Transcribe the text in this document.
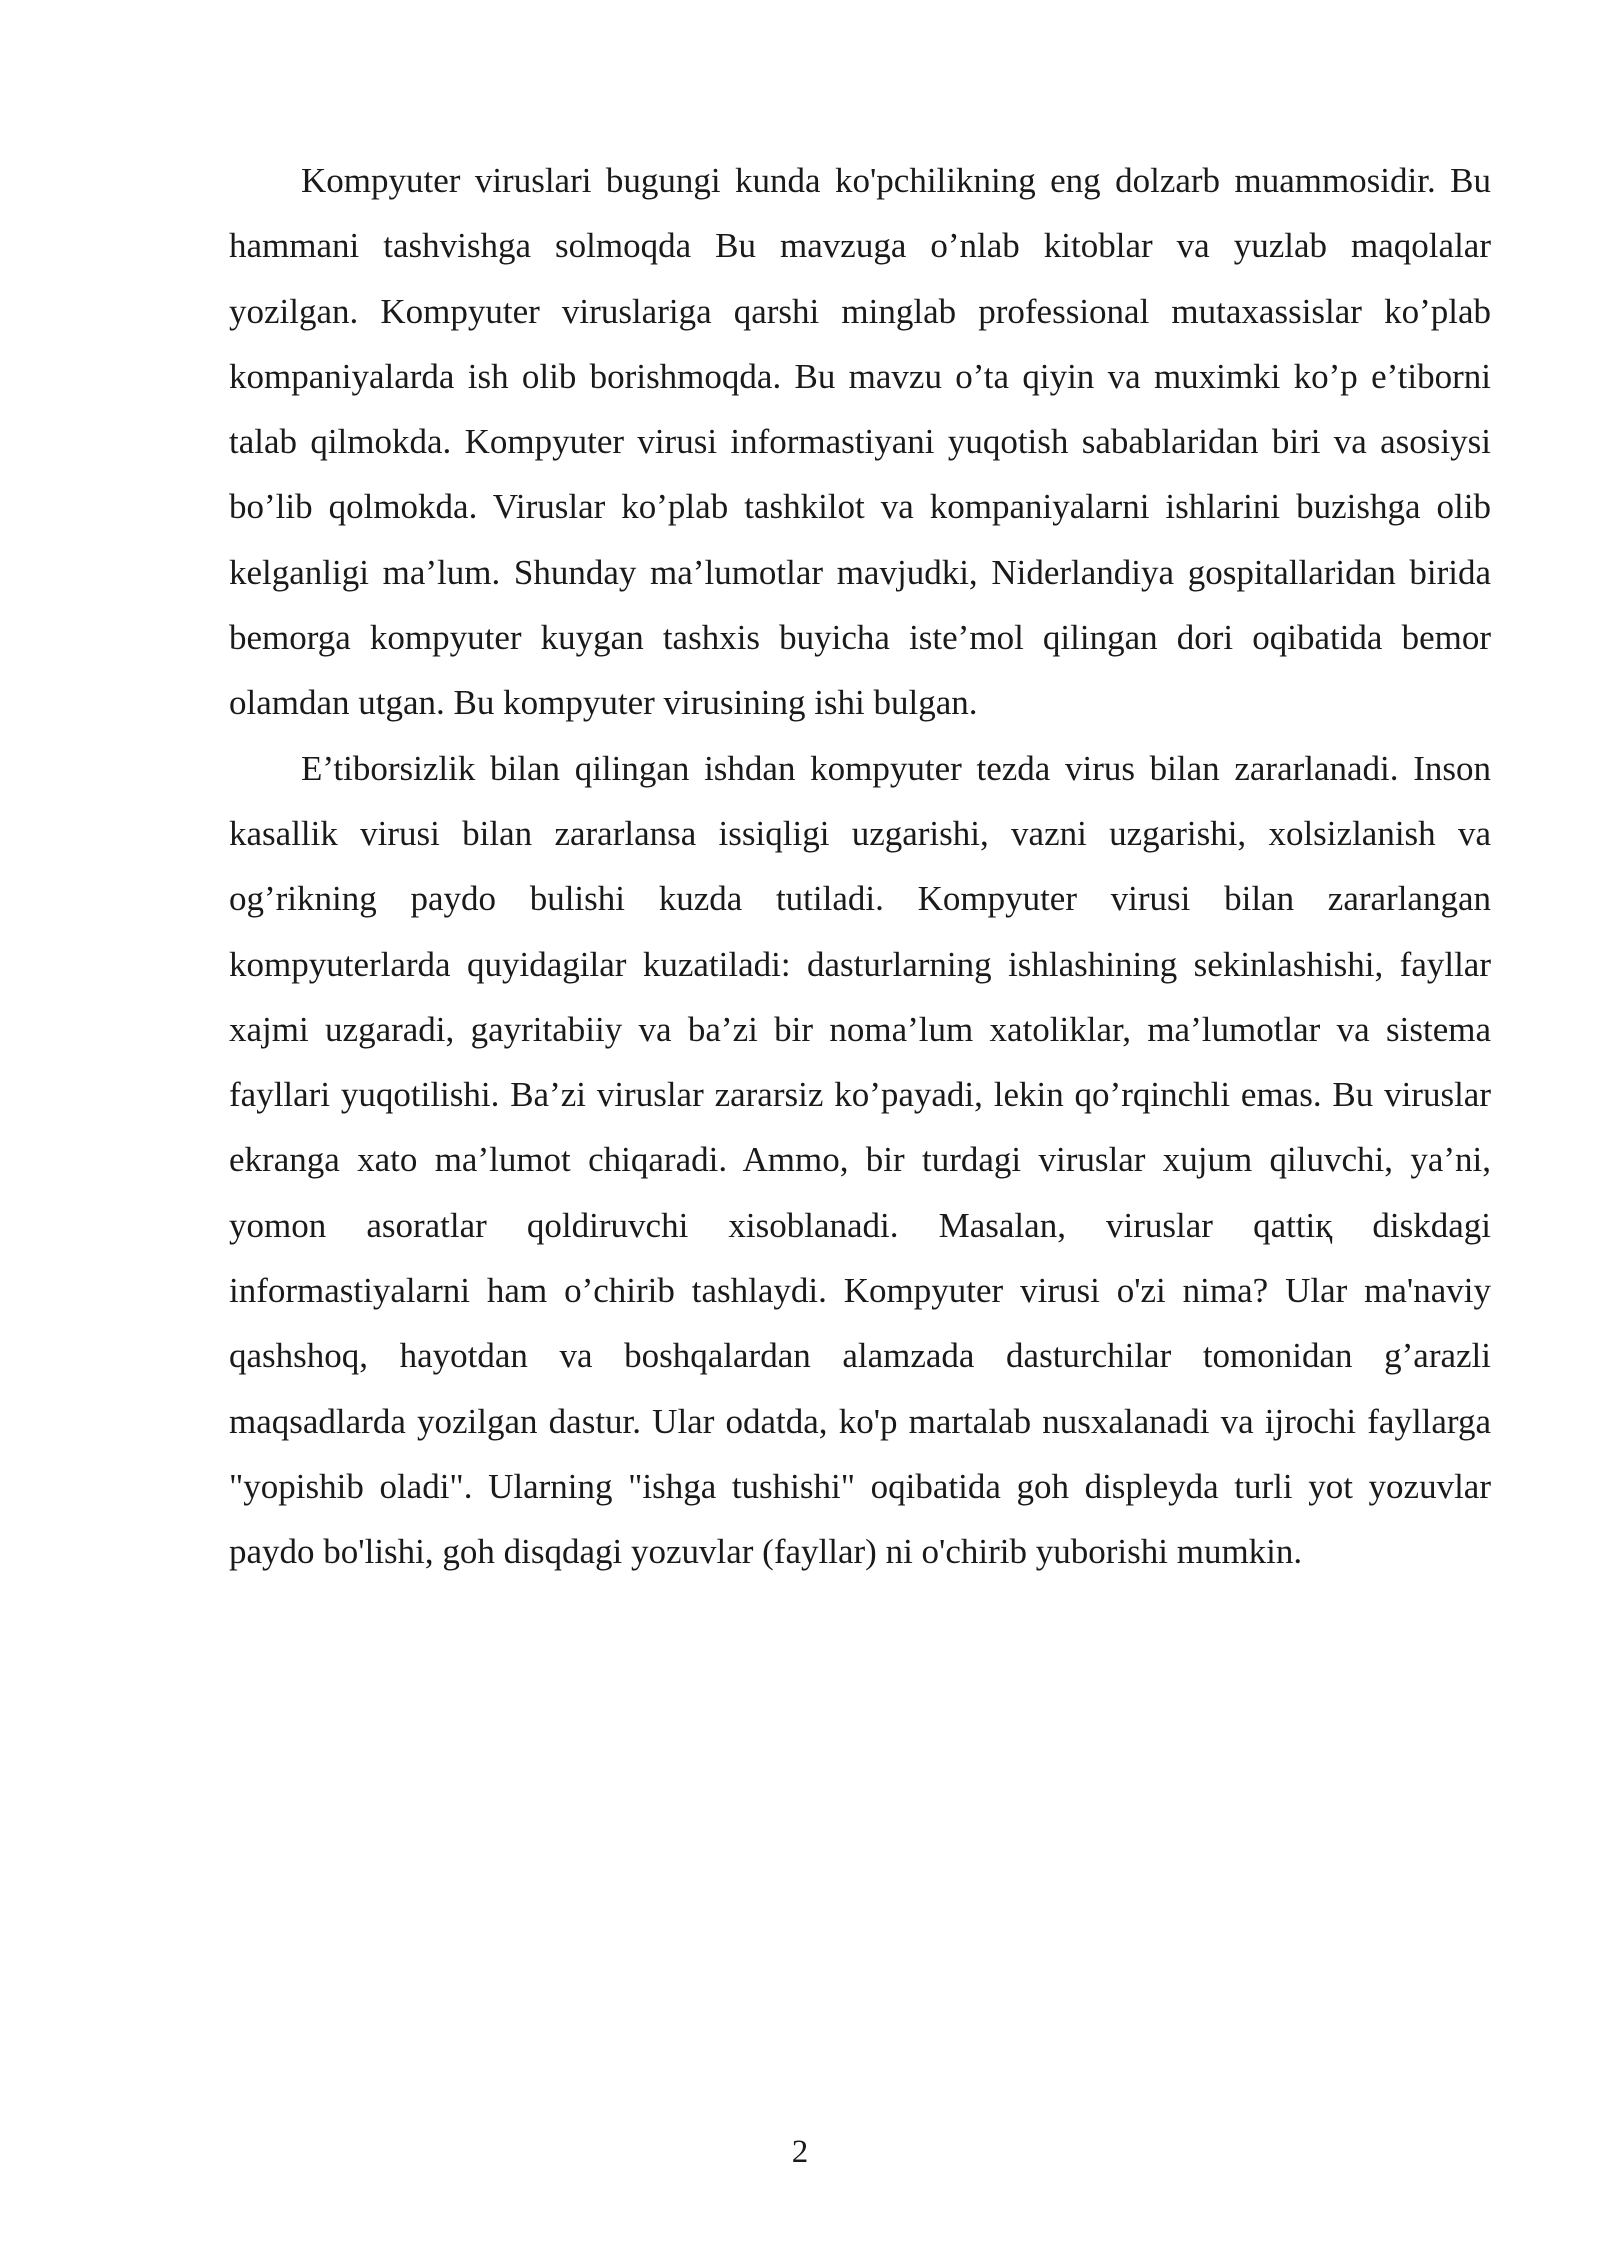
Kompyuter viruslari bugungi kunda ko'pchilikning eng dolzarb muammosidir. Bu hammani tashvishga solmoqda Bu mavzuga o’nlab kitoblar va yuzlab maqolalar yozilgan. Kompyuter viruslariga qarshi minglab professional mutaxassislar ko’plab kompaniyalarda ish olib borishmoqda. Bu mavzu o’ta qiyin va muximki ko’p e’tiborni talab qilmokda. Kompyuter virusi informastiyani yuqotish sabablaridan biri va asosiysi bo’lib qolmokda. Viruslar ko’plab tashkilot va kompaniyalarni ishlarini buzishga olib kelganligi ma’lum. Shunday ma’lumotlar mavjudki, Niderlandiya gospitallaridan birida bemorga kompyuter kuygan tashxis buyicha iste’mol qilingan dori oqibatida bemor olamdan utgan. Bu kompyuter virusining ishi bulgan.

E’tiborsizlik bilan qilingan ishdan kompyuter tezda virus bilan zararlanadi. Inson kasallik virusi bilan zararlansa issiqligi uzgarishi, vazni uzgarishi, xolsizlanish va og’rikning paydo bulishi kuzda tutiladi. Kompyuter virusi bilan zararlangan kompyuterlarda quyidagilar kuzatiladi: dasturlarning ishlashining sekinlashishi, fayllar xajmi uzgaradi, gayritabiiy va ba’zi bir noma’lum xatoliklar, ma’lumotlar va sistema fayllari yuqotilishi. Ba’zi viruslar zararsiz ko’payadi, lekin qo’rqinchli emas. Bu viruslar ekranga xato ma’lumot chiqaradi. Ammo, bir turdagi viruslar xujum qiluvchi, ya’ni, yomon asoratlar qoldiruvchi xisoblanadi. Masalan, viruslar qattiқ diskdagi informastiyalarni ham o’chirib tashlaydi. Kompyuter virusi o'zi nima? Ular ma'naviy qashshoq, hayotdan va boshqalardan alamzada dasturchilar tomonidan g’arazli maqsadlarda yozilgan dastur. Ular odatda, ko'p martalab nusxalanadi va ijrochi fayllarga "yopishib oladi". Ularning "ishga tushishi" oqibatida goh displeyda turli yot yozuvlar paydo bo'lishi, goh disqdagi yozuvlar (fayllar) ni o'chirib yuborishi mumkin.

2
